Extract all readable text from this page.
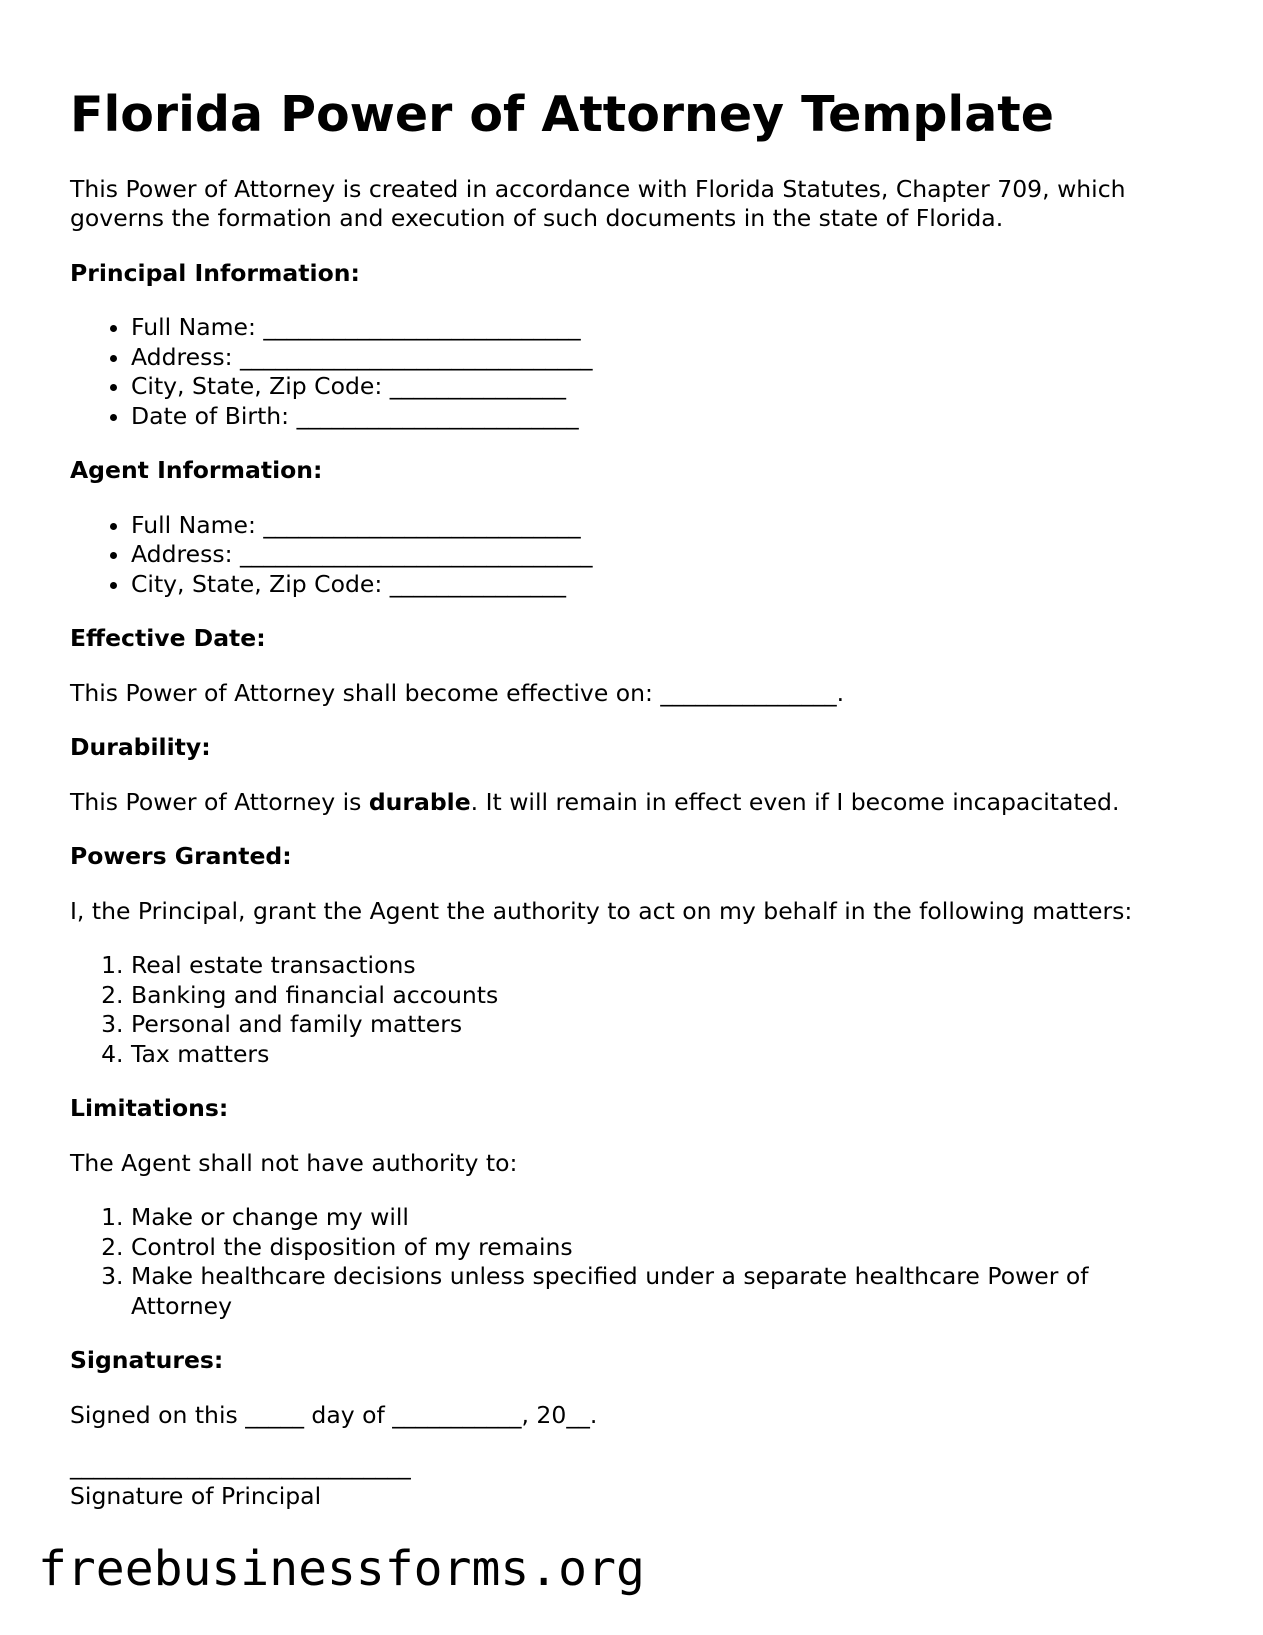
Florida Power of Attorney Template

This Power of Attorney is created in accordance with Florida Statutes, Chapter 709, which governs the formation and execution of such documents in the state of Florida.

Principal Information:
• Full Name: ___________________________
• Address: ______________________________
• City, State, Zip Code: _______________
• Date of Birth: ________________________
Agent Information:
• Full Name: ___________________________
• Address: ______________________________
• City, State, Zip Code: _______________
Effective Date:

This Power of Attorney shall become effective on: _______________.

Durability:

This Power of Attorney is durable. It will remain in effect even if I become incapacitated.

Powers Granted:

I, the Principal, grant the Agent the authority to act on my behalf in the following matters:

1. Real estate transactions
2. Banking and financial accounts
3. Personal and family matters
4. Tax matters
Limitations:

The Agent shall not have authority to:

1. Make or change my will
2. Control the disposition of my remains
3. Make healthcare decisions unless specified under a separate healthcare Power of Attorney
Signatures:

Signed on this _____ day of ___________, 20__.

_____________________________

Signature of Principal

freebusinessforms.org
